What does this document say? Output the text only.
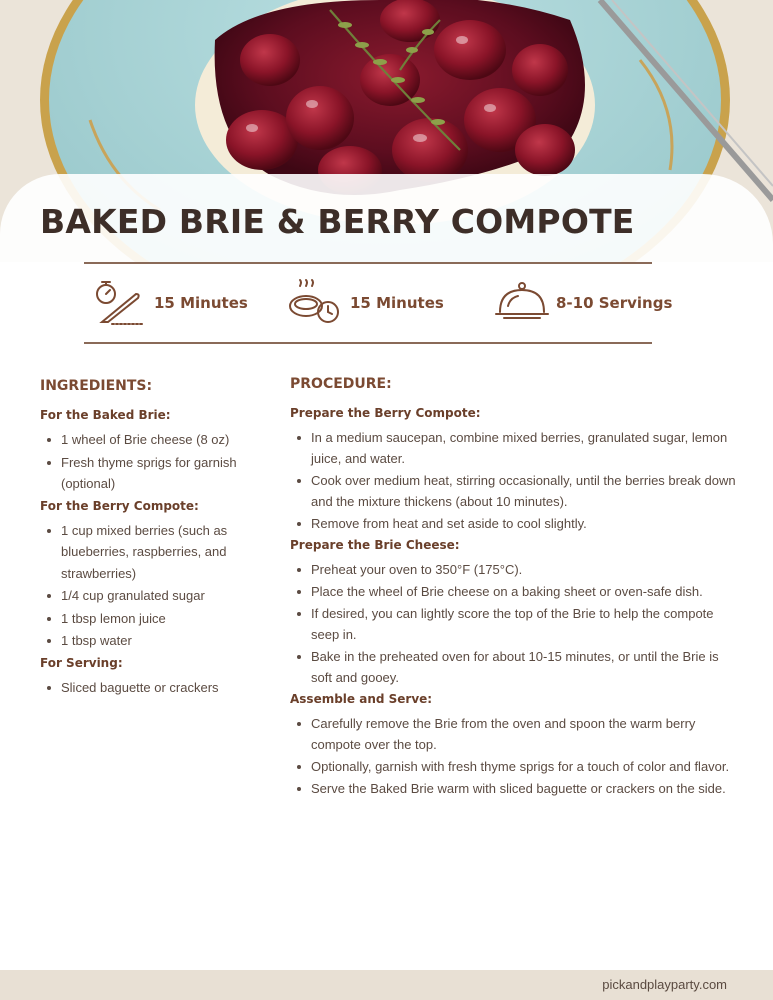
BAKED BRIE & BERRY COMPOTE
15 Minutes	15 Minutes	8-10 Servings
INGREDIENTS:
For the Baked Brie:
1 wheel of Brie cheese (8 oz)
Fresh thyme sprigs for garnish (optional)
For the Berry Compote:
1 cup mixed berries (such as blueberries, raspberries, and strawberries)
1/4 cup granulated sugar
1 tbsp lemon juice
1 tbsp water
For Serving:
Sliced baguette or crackers
PROCEDURE:
Prepare the Berry Compote:
In a medium saucepan, combine mixed berries, granulated sugar, lemon juice, and water.
Cook over medium heat, stirring occasionally, until the berries break down and the mixture thickens (about 10 minutes).
Remove from heat and set aside to cool slightly.
Prepare the Brie Cheese:
Preheat your oven to 350°F (175°C).
Place the wheel of Brie cheese on a baking sheet or oven-safe dish.
If desired, you can lightly score the top of the Brie to help the compote seep in.
Bake in the preheated oven for about 10-15 minutes, or until the Brie is soft and gooey.
Assemble and Serve:
Carefully remove the Brie from the oven and spoon the warm berry compote over the top.
Optionally, garnish with fresh thyme sprigs for a touch of color and flavor.
Serve the Baked Brie warm with sliced baguette or crackers on the side.
pickandplayparty.com
